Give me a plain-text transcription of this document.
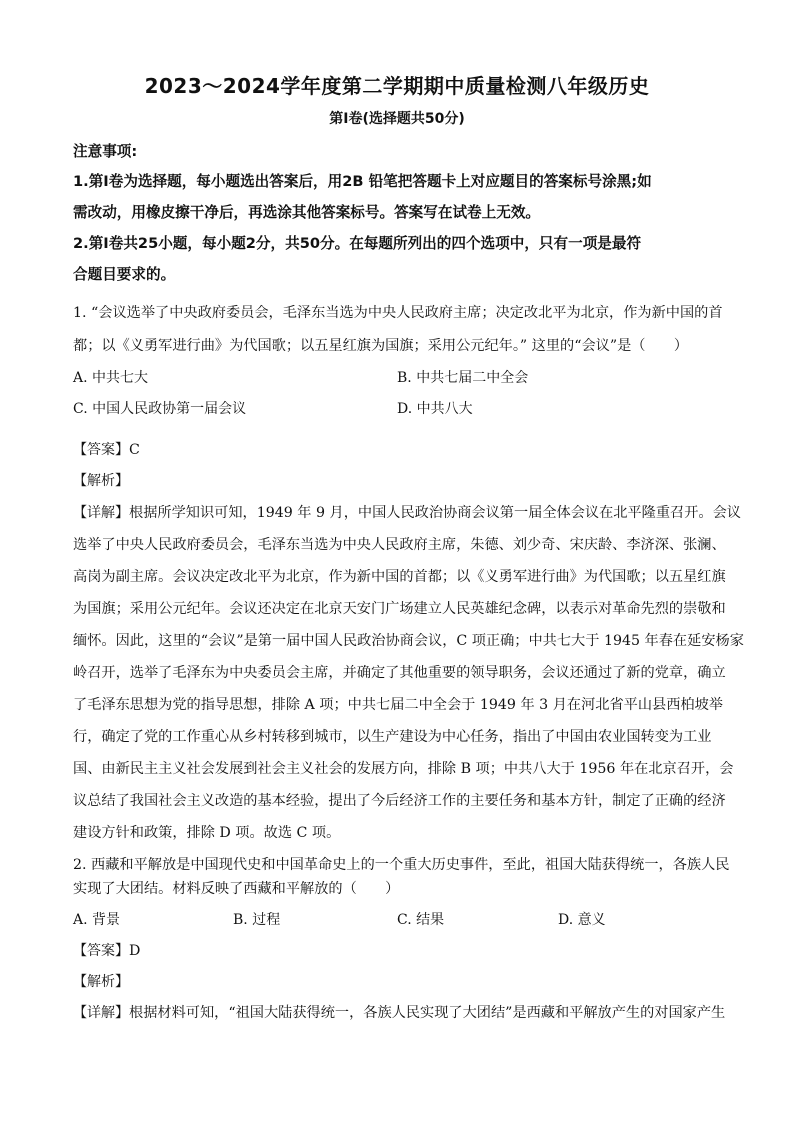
2023～2024学年度第二学期期中质量检测八年级历史
第Ⅰ卷(选择题共50分)
注意事项:
1.第Ⅰ卷为选择题，每小题选出答案后，用2B 铅笔把答题卡上对应题目的答案标号涂黑;如
需改动，用橡皮擦干净后，再选涂其他答案标号。答案写在试卷上无效。
2.第Ⅰ卷共25小题，每小题2分，共50分。在每题所列出的四个选项中，只有一项是最符
合题目要求的。
1. “会议选举了中央政府委员会，毛泽东当选为中央人民政府主席；决定改北平为北京，作为新中国的首
都；以《义勇军进行曲》为代国歌；以五星红旗为国旗；采用公元纪年。” 这里的“会议”是（　　）
A. 中共七大	B. 中共七届二中全会
C. 中国人民政协第一届会议	D. 中共八大
【答案】C
【解析】
【详解】根据所学知识可知，1949 年 9 月，中国人民政治协商会议第一届全体会议在北平隆重召开。会议
选举了中央人民政府委员会，毛泽东当选为中央人民政府主席，朱德、刘少奇、宋庆龄、李济深、张澜、
高岗为副主席。会议决定改北平为北京，作为新中国的首都；以《义勇军进行曲》为代国歌；以五星红旗
为国旗；采用公元纪年。会议还决定在北京天安门广场建立人民英雄纪念碑，以表示对革命先烈的崇敬和
缅怀。因此，这里的“会议”是第一届中国人民政治协商会议，C 项正确；中共七大于 1945 年春在延安杨家
岭召开，选举了毛泽东为中央委员会主席，并确定了其他重要的领导职务，会议还通过了新的党章，确立
了毛泽东思想为党的指导思想，排除 A 项；中共七届二中全会于 1949 年 3 月在河北省平山县西柏坡举
行，确定了党的工作重心从乡村转移到城市，以生产建设为中心任务，指出了中国由农业国转变为工业
国、由新民主主义社会发展到社会主义社会的发展方向，排除 B 项；中共八大于 1956 年在北京召开，会
议总结了我国社会主义改造的基本经验，提出了今后经济工作的主要任务和基本方针，制定了正确的经济
建设方针和政策，排除 D 项。故选 C 项。
2. 西藏和平解放是中国现代史和中国革命史上的一个重大历史事件，至此，祖国大陆获得统一，各族人民
实现了大团结。材料反映了西藏和平解放的（　　）
A. 背景	B. 过程	C. 结果	D. 意义
【答案】D
【解析】
【详解】根据材料可知，“祖国大陆获得统一，各族人民实现了大团结”是西藏和平解放产生的对国家产生
